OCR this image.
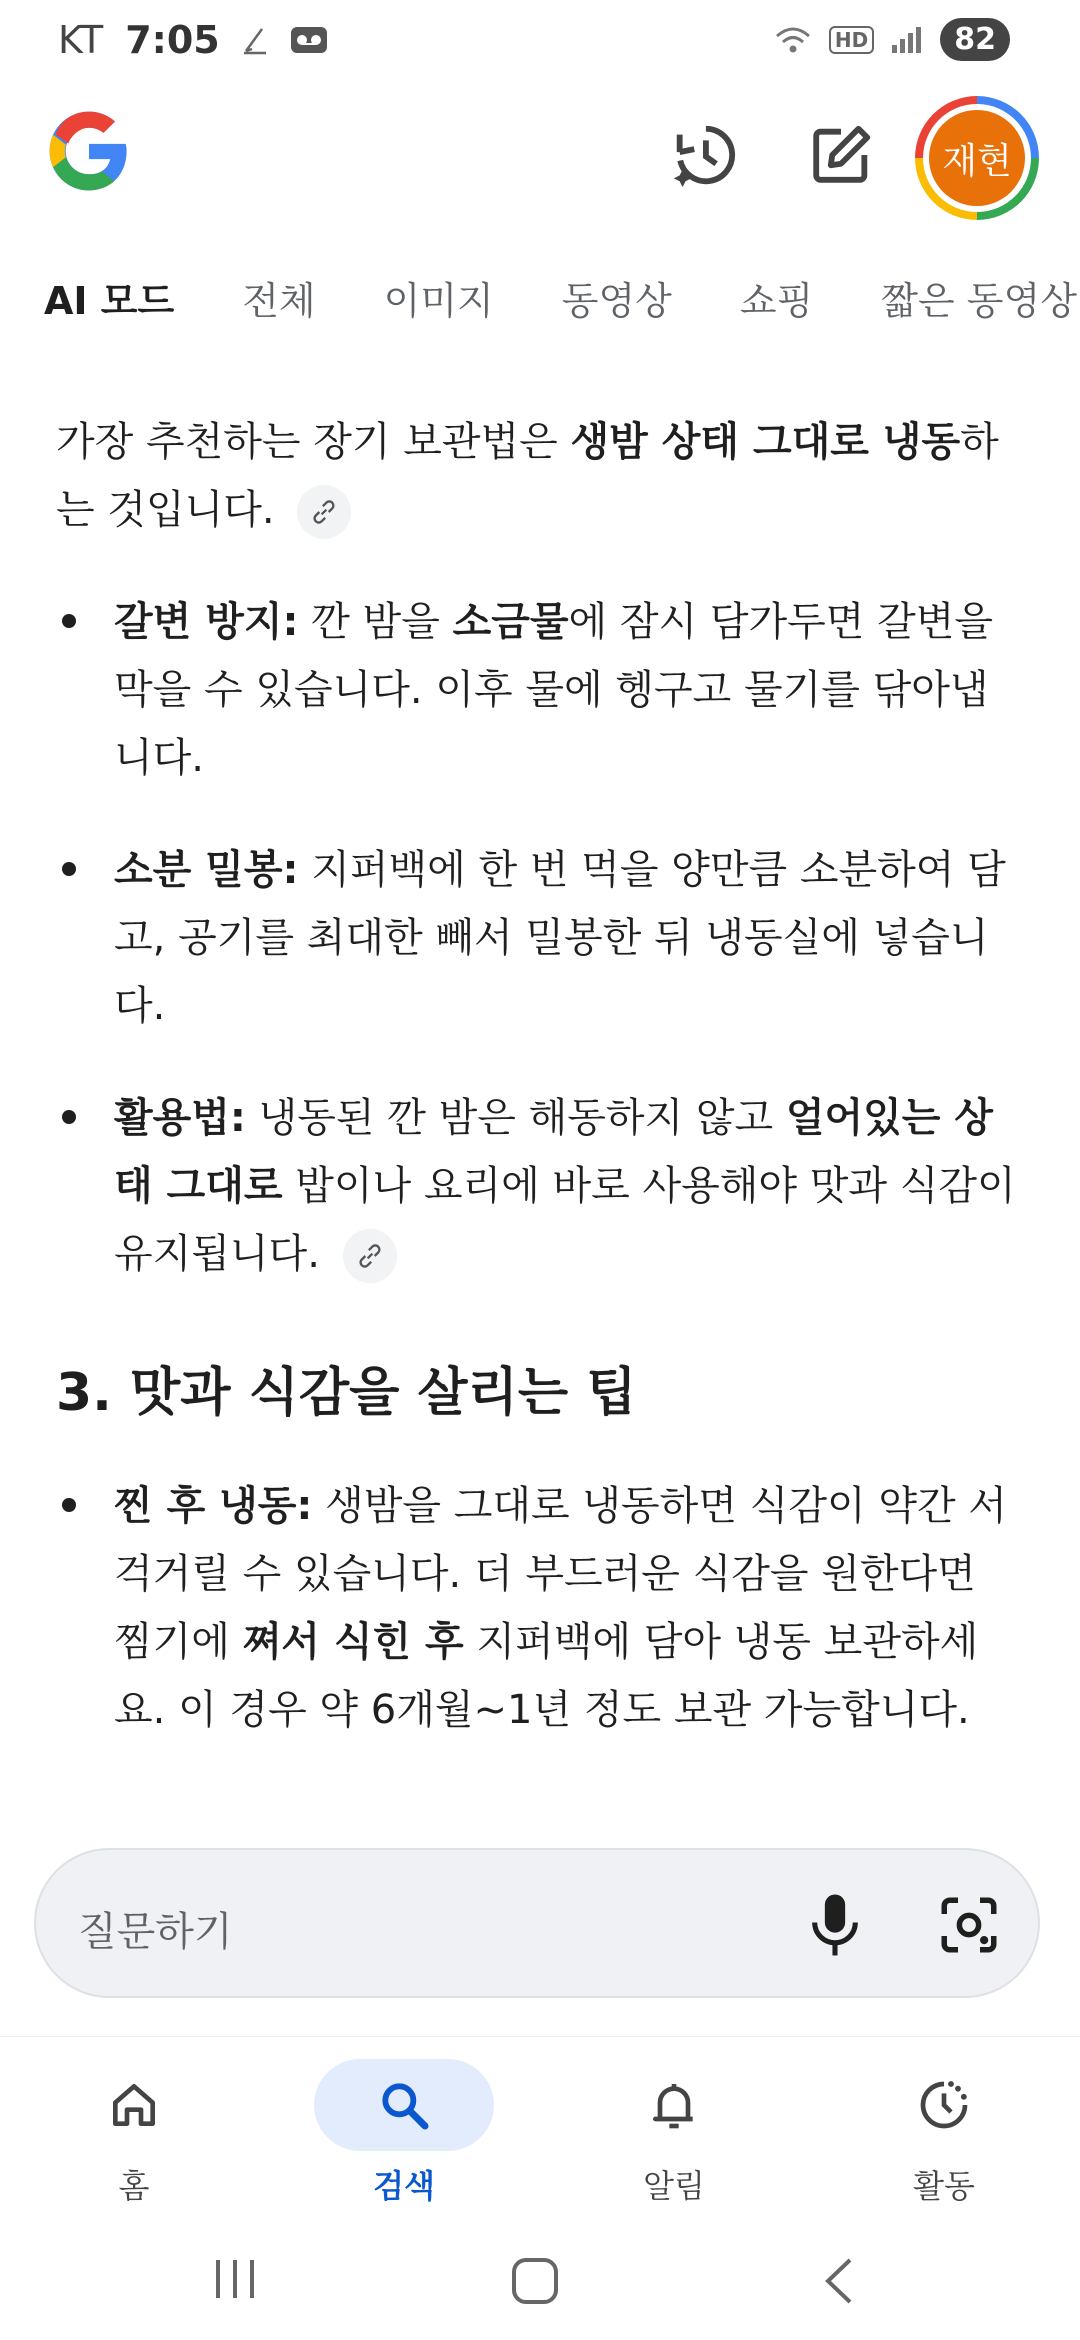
KT 7:05	HD	82
재현
AI 모드 전체 이미지 동영상 쇼핑 짧은 동영상

가장 추천하는 장기 보관법은 생밤 상태 그대로 냉동하는 것입니다.

갈변 방지: 깐 밤을 소금물에 잠시 담가두면 갈변을 막을 수 있습니다. 이후 물에 헹구고 물기를 닦아냅니다.
소분 밀봉: 지퍼백에 한 번 먹을 양만큼 소분하여 담고, 공기를 최대한 빼서 밀봉한 뒤 냉동실에 넣습니다.
활용법: 냉동된 깐 밤은 해동하지 않고 얼어있는 상태 그대로 밥이나 요리에 바로 사용해야 맛과 식감이 유지됩니다.
3. 맛과 식감을 살리는 팁
찐 후 냉동: 생밤을 그대로 냉동하면 식감이 약간 서걱거릴 수 있습니다. 더 부드러운 식감을 원한다면 찜기에 쪄서 식힌 후 지퍼백에 담아 냉동 보관하세요. 이 경우 약 6개월~1년 정도 보관 가능합니다.
질문하기
홈	검색	알림	활동
